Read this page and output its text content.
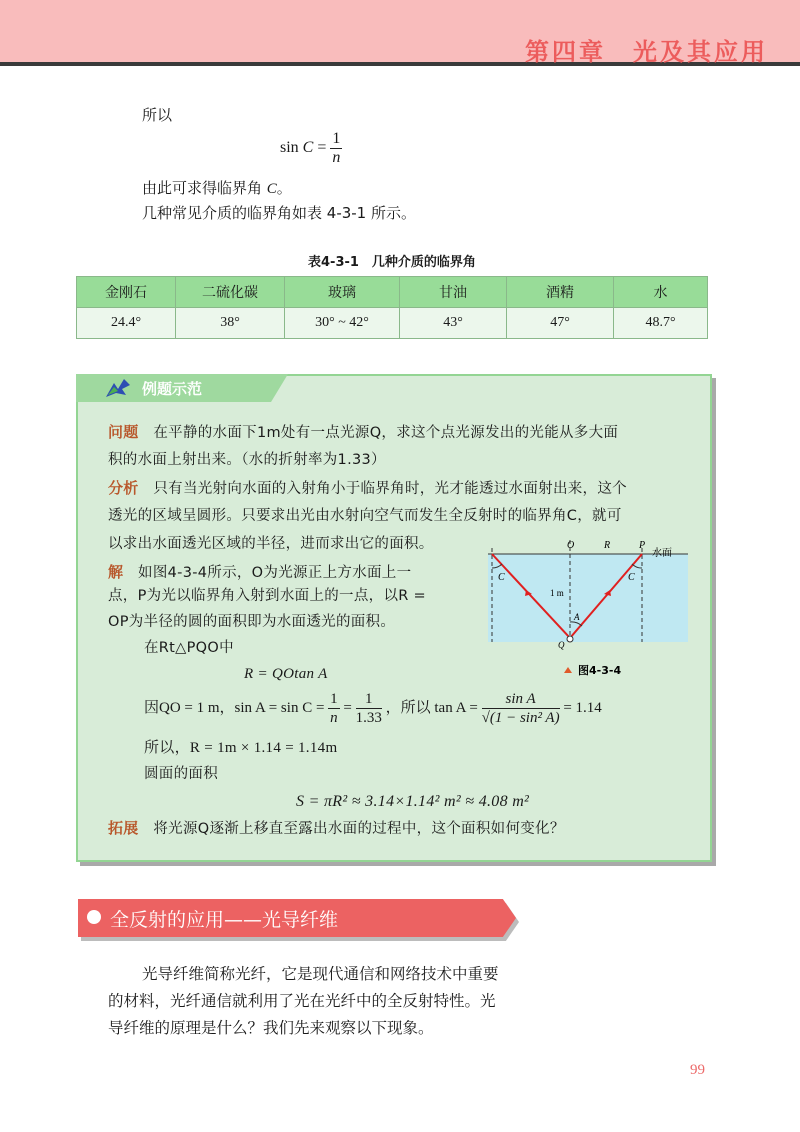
第四章　光及其应用
所以
$\sin C = \frac{1}{n}$
由此可求得临界角 C。
几种常见介质的临界角如表 4-3-1 所示。
表4-3-1　几种介质的临界角
金刚石	二硫化碳	玻璃	甘油	酒精	水
24.4°	38°	30° ~ 42°	43°	47°	48.7°
例题示范
问题 在平静的水面下1m处有一点光源Q，求这个点光源发出的光能从多大面
积的水面上射出来。（水的折射率为1.33）
分析 只有当光射向水面的入射角小于临界角时，光才能透过水面射出来，这个
透光的区域呈圆形。只要求出光由水射向空气而发生全反射时的临界角C，就可
以求出水面透光区域的半径，进而求出它的面积。
解 如图4-3-4所示，O为光源正上方水面上一
点，P为光以临界角入射到水面上的一点，以R =
OP为半径的圆的面积即为水面透光的面积。
在Rt△PQO中
R = QOtan A
因QO = 1 m，$\sin A = \sin C = \frac{1}{n} = \frac{1}{1.33}$ ，所以 $\tan A = \frac{\text{sin A}}{\text{√(1 − sin² A)}} = 1.14$
所以，R = 1m × 1.14 = 1.14m
圆面的面积
S = πR² ≈ 3.14×1.14² m² ≈ 4.08 m²
拓展 将光源Q逐渐上移直至露出水面的过程中，这个面积如何变化？
O	R	P
水面
C	C
1 m
A
Q
图4-3-4
全反射的应用——光导纤维
光导纤维简称光纤，它是现代通信和网络技术中重要
的材料，光纤通信就利用了光在光纤中的全反射特性。光
导纤维的原理是什么？我们先来观察以下现象。
99
